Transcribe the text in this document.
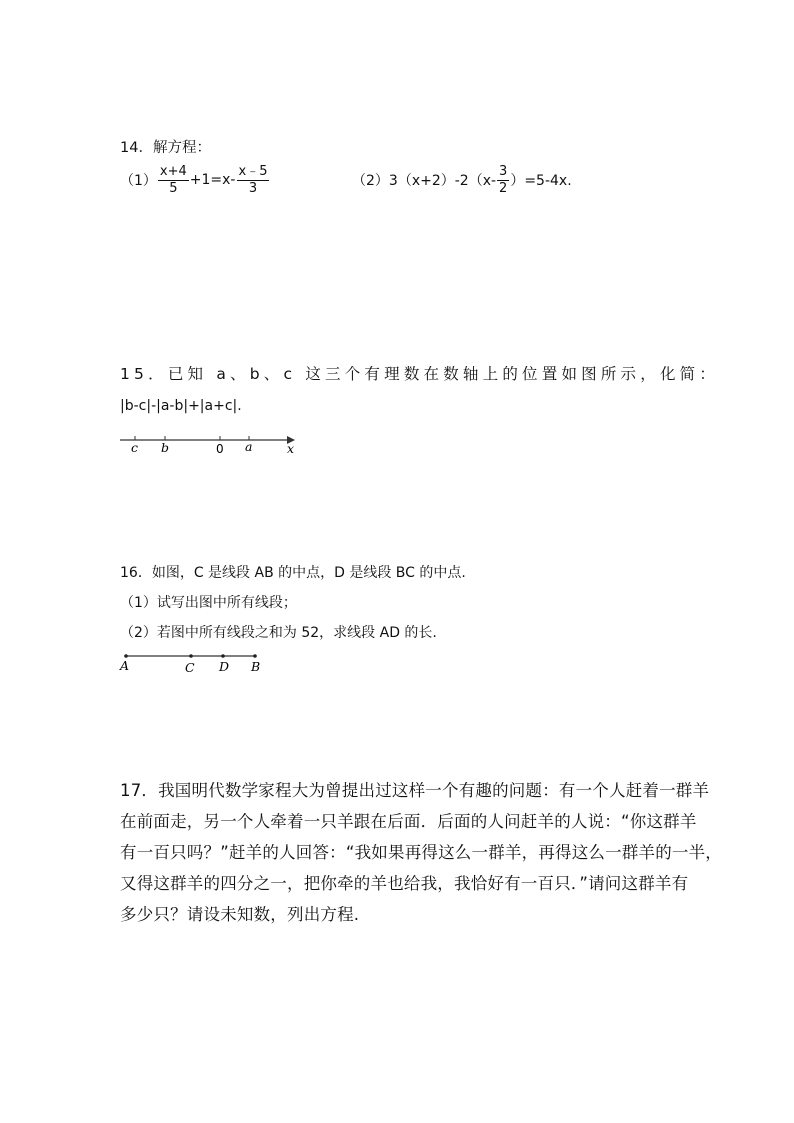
14．解方程：
$(1) \frac{x+4}{5} +1=x- \frac{x﹣5}{3}$	$(2)3(x+2)-2(x- \frac{3}{2} )=5-4x$.
15．已知 a、b、c 这三个有理数在数轴上的位置如图所示，化简：
|b-c|-|a-b|+|a+c|.
c b	0 a	x
16．如图，C 是线段 AB 的中点，D 是线段 BC 的中点.
（1）试写出图中所有线段；
（2）若图中所有线段之和为 52，求线段 AD 的长.
A	C D B
17．我国明代数学家程大为曾提出过这样一个有趣的问题：有一个人赶着一群羊
在前面走，另一个人牵着一只羊跟在后面．后面的人问赶羊的人说：“你这群羊
有一百只吗？”赶羊的人回答：“我如果再得这么一群羊，再得这么一群羊的一半，
又得这群羊的四分之一，把你牵的羊也给我，我恰好有一百只．”请问这群羊有
多少只？请设未知数，列出方程.
